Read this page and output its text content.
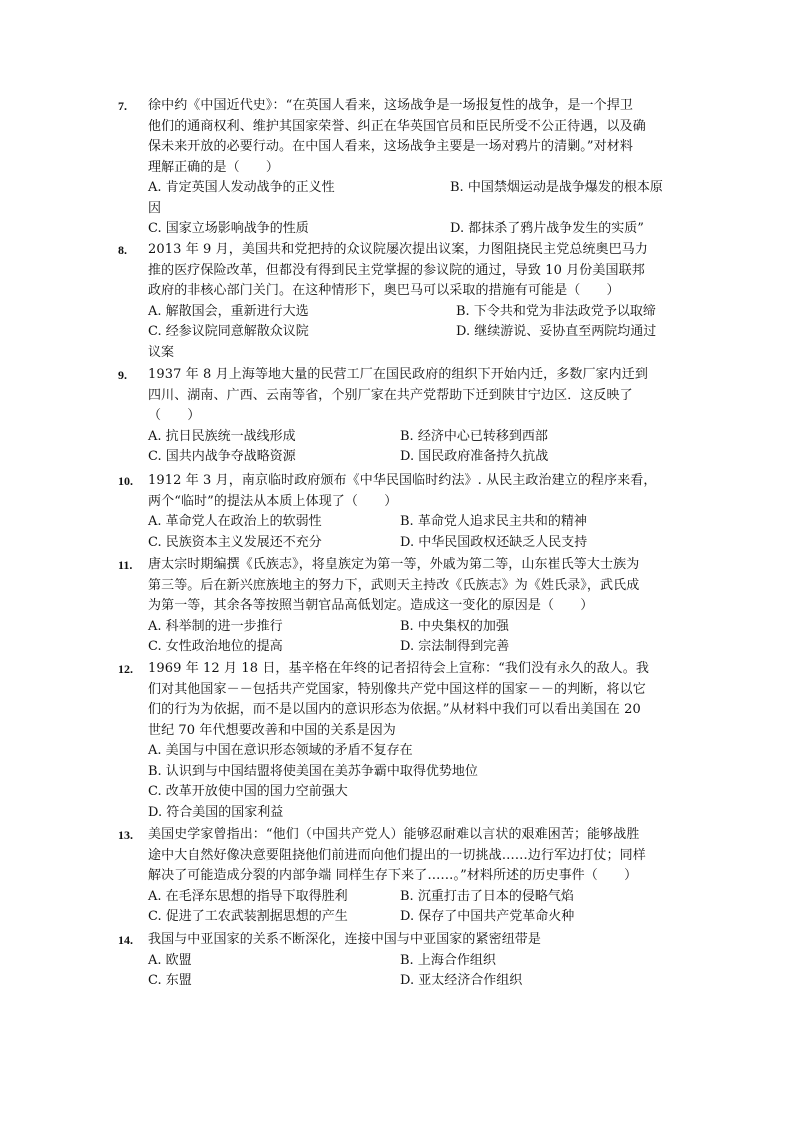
7. 徐中约《中国近代史》：“在英国人看来，这场战争是一场报复性的战争，是一个捍卫
他们的通商权利、维护其国家荣誉、纠正在华英国官员和臣民所受不公正待遇，以及确
保未来开放的必要行动。在中国人看来，这场战争主要是一场对鸦片的清剿。”对材料
理解正确的是（　　）
A. 肯定英国人发动战争的正义性	B. 中国禁烟运动是战争爆发的根本原
因
C. 国家立场影响战争的性质	D. 都抹杀了鸦片战争发生的实质”
8. 2013 年 9 月，美国共和党把持的众议院屡次提出议案，力图阻挠民主党总统奥巴马力
推的医疗保险改革，但都没有得到民主党掌握的参议院的通过，导致 10 月份美国联邦
政府的非核心部门关门。在这种情形下，奥巴马可以采取的措施有可能是（　　）
A. 解散国会，重新进行大选	B. 下令共和党为非法政党予以取缔
C. 经参议院同意解散众议院	D. 继续游说、妥协直至两院均通过
议案
9. 1937 年 8 月上海等地大量的民营工厂在国民政府的组织下开始内迁，多数厂家内迁到
四川、湖南、广西、云南等省，个别厂家在共产党帮助下迁到陕甘宁边区．这反映了
（　　）
A. 抗日民族统一战线形成	B. 经济中心已转移到西部
C. 国共内战争夺战略资源	D. 国民政府准备持久抗战
10. 1912 年 3 月，南京临时政府颁布《中华民国临时约法》. 从民主政治建立的程序来看，
两个“临时”的提法从本质上体现了（　　）
A. 革命党人在政治上的软弱性	B. 革命党人追求民主共和的精神
C. 民族资本主义发展还不充分	D. 中华民国政权还缺乏人民支持
11. 唐太宗时期编撰《氏族志》，将皇族定为第一等，外戚为第二等，山东崔氏等大士族为
第三等。后在新兴庶族地主的努力下，武则天主持改《氏族志》为《姓氏录》，武氏成
为第一等，其余各等按照当朝官品高低划定。造成这一变化的原因是（　　）
A. 科举制的进一步推行	B. 中央集权的加强
C. 女性政治地位的提高	D. 宗法制得到完善
12. 1969 年 12 月 18 日，基辛格在年终的记者招待会上宣称：“我们没有永久的敌人。我
们对其他国家－－包括共产党国家，特别像共产党中国这样的国家－－的判断，将以它
们的行为为依据，而不是以国内的意识形态为依据。”从材料中我们可以看出美国在 20
世纪 70 年代想要改善和中国的关系是因为
A. 美国与中国在意识形态领域的矛盾不复存在
B. 认识到与中国结盟将使美国在美苏争霸中取得优势地位
C. 改革开放使中国的国力空前强大
D. 符合美国的国家利益
13. 美国史学家曾指出：“他们（中国共产党人）能够忍耐难以言状的艰难困苦；能够战胜
途中大自然好像决意要阻挠他们前进而向他们提出的一切挑战……边行军边打仗；同样
解决了可能造成分裂的内部争端 同样生存下来了……。”材料所述的历史事件（　　）
A. 在毛泽东思想的指导下取得胜利	B. 沉重打击了日本的侵略气焰
C. 促进了工农武装割据思想的产生	D. 保存了中国共产党革命火种
14. 我国与中亚国家的关系不断深化，连接中国与中亚国家的紧密纽带是
A. 欧盟	B. 上海合作组织
C. 东盟	D. 亚太经济合作组织
